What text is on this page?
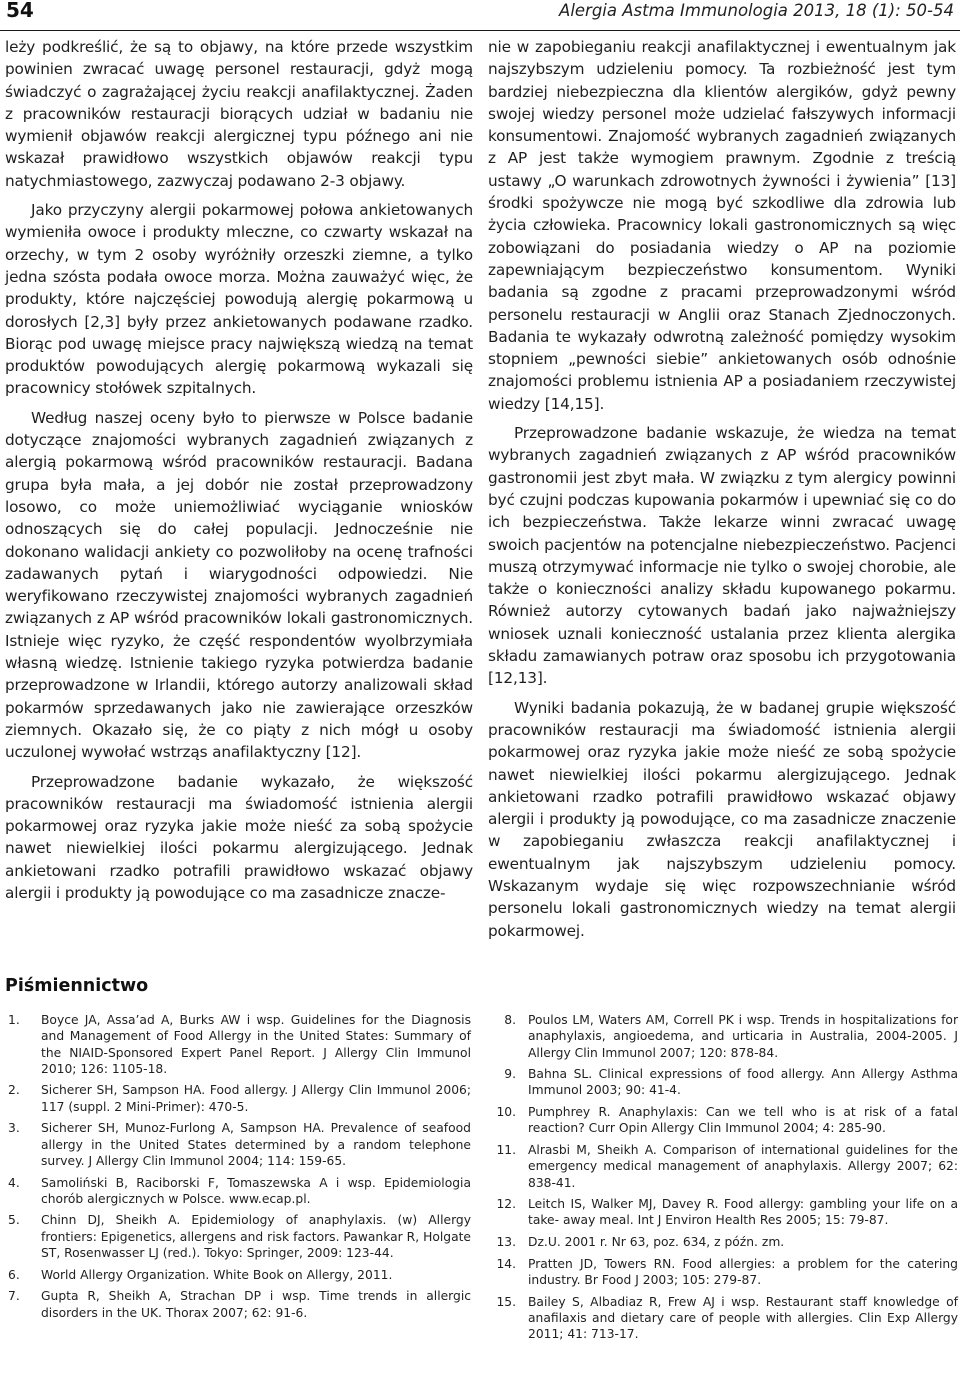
54	Alergia Astma Immunologia 2013, 18 (1): 50-54

leży podkreślić, że są to objawy, na które przede wszystkim powinien zwracać uwagę personel restauracji, gdyż mogą świadczyć o zagrażającej życiu reakcji anafilaktycznej. Żaden z pracowników restauracji biorących udział w badaniu nie wymienił objawów reakcji alergicznej typu późnego ani nie wskazał prawidłowo wszystkich objawów reakcji typu natychmiastowego, zazwyczaj podawano 2-3 objawy.

Jako przyczyny alergii pokarmowej połowa ankietowanych wymieniła owoce i produkty mleczne, co czwarty wskazał na orzechy, w tym 2 osoby wyróżniły orzeszki ziemne, a tylko jedna szósta podała owoce morza. Można zauważyć więc, że produkty, które najczęściej powodują alergię pokarmową u dorosłych [2,3] były przez ankietowanych podawane rzadko. Biorąc pod uwagę miejsce pracy największą wiedzą na temat produktów powodujących alergię pokarmową wykazali się pracownicy stołówek szpitalnych.

Według naszej oceny było to pierwsze w Polsce badanie dotyczące znajomości wybranych zagadnień związanych z alergią pokarmową wśród pracowników restauracji. Badana grupa była mała, a jej dobór nie został przeprowadzony losowo, co może uniemożliwiać wyciąganie wniosków odnoszących się do całej populacji. Jednocześnie nie dokonano walidacji ankiety co pozwoliłoby na ocenę trafności zadawanych pytań i wiarygodności odpowiedzi. Nie weryfikowano rzeczywistej znajomości wybranych zagadnień związanych z AP wśród pracowników lokali gastronomicznych. Istnieje więc ryzyko, że część respondentów wyolbrzymiała własną wiedzę. Istnienie takiego ryzyka potwierdza badanie przeprowadzone w Irlandii, którego autorzy analizowali skład pokarmów sprzedawanych jako nie zawierające orzeszków ziemnych. Okazało się, że co piąty z nich mógł u osoby uczulonej wywołać wstrząs anafilaktyczny [12].

Przeprowadzone badanie wykazało, że większość pracowników restauracji ma świadomość istnienia alergii pokarmowej oraz ryzyka jakie może nieść za sobą spożycie nawet niewielkiej ilości pokarmu alergizującego. Jednak ankietowani rzadko potrafili prawidłowo wskazać objawy alergii i produkty ją powodujące co ma zasadnicze znacze-

nie w zapobieganiu reakcji anafilaktycznej i ewentualnym jak najszybszym udzieleniu pomocy. Ta rozbieżność jest tym bardziej niebezpieczna dla klientów alergików, gdyż pewny swojej wiedzy personel może udzielać fałszywych informacji konsumentowi. Znajomość wybranych zagadnień związanych z AP jest także wymogiem prawnym. Zgodnie z treścią ustawy „O warunkach zdrowotnych żywności i żywienia” [13] środki spożywcze nie mogą być szkodliwe dla zdrowia lub życia człowieka. Pracownicy lokali gastronomicznych są więc zobowiązani do posiadania wiedzy o AP na poziomie zapewniającym bezpieczeństwo konsumentom. Wyniki badania są zgodne z pracami przeprowadzonymi wśród personelu restauracji w Anglii oraz Stanach Zjednoczonych. Badania te wykazały odwrotną zależność pomiędzy wysokim stopniem „pewności siebie” ankietowanych osób odnośnie znajomości problemu istnienia AP a posiadaniem rzeczywistej wiedzy [14,15].

Przeprowadzone badanie wskazuje, że wiedza na temat wybranych zagadnień związanych z AP wśród pracowników gastronomii jest zbyt mała. W związku z tym alergicy powinni być czujni podczas kupowania pokarmów i upewniać się co do ich bezpieczeństwa. Także lekarze winni zwracać uwagę swoich pacjentów na potencjalne niebezpieczeństwo. Pacjenci muszą otrzymywać informacje nie tylko o swojej chorobie, ale także o konieczności analizy składu kupowanego pokarmu. Również autorzy cytowanych badań jako najważniejszy wniosek uznali konieczność ustalania przez klienta alergika składu zamawianych potraw oraz sposobu ich przygotowania [12,13].

Wyniki badania pokazują, że w badanej grupie większość pracowników restauracji ma świadomość istnienia alergii pokarmowej oraz ryzyka jakie może nieść ze sobą spożycie nawet niewielkiej ilości pokarmu alergizującego. Jednak ankietowani rzadko potrafili prawidłowo wskazać objawy alergii i produkty ją powodujące, co ma zasadnicze znaczenie w zapobieganiu zwłaszcza reakcji anafilaktycznej i ewentualnym jak najszybszym udzieleniu pomocy. Wskazanym wydaje się więc rozpowszechnianie wśród personelu lokali gastronomicznych wiedzy na temat alergii pokarmowej.

Piśmiennictwo
1. Boyce JA, Assa’ad A, Burks AW i wsp. Guidelines for the Diagnosis and Management of Food Allergy in the United States: Summary of the NIAID-Sponsored Expert Panel Report. J Allergy Clin Immunol 2010; 126: 1105-18.
2. Sicherer SH, Sampson HA. Food allergy. J Allergy Clin Immunol 2006; 117 (suppl. 2 Mini-Primer): 470-5.
3. Sicherer SH, Munoz-Furlong A, Sampson HA. Prevalence of seafood allergy in the United States determined by a random telephone survey. J Allergy Clin Immunol 2004; 114: 159-65.
4. Samoliński B, Raciborski F, Tomaszewska A i wsp. Epidemiologia chorób alergicznych w Polsce. www.ecap.pl.
5. Chinn DJ, Sheikh A. Epidemiology of anaphylaxis. (w) Allergy frontiers: Epigenetics, allergens and risk factors. Pawankar R, Holgate ST, Rosenwasser LJ (red.). Tokyo: Springer, 2009: 123-44.
6. World Allergy Organization. White Book on Allergy, 2011.
7. Gupta R, Sheikh A, Strachan DP i wsp. Time trends in allergic disorders in the UK. Thorax 2007; 62: 91-6.
8. Poulos LM, Waters AM, Correll PK i wsp. Trends in hospitalizations for anaphylaxis, angioedema, and urticaria in Australia, 2004-2005. J Allergy Clin Immunol 2007; 120: 878-84.
9. Bahna SL. Clinical expressions of food allergy. Ann Allergy Asthma Immunol 2003; 90: 41-4.
10. Pumphrey R. Anaphylaxis: Can we tell who is at risk of a fatal reaction? Curr Opin Allergy Clin Immunol 2004; 4: 285-90.
11. Alrasbi M, Sheikh A. Comparison of international guidelines for the emergency medical management of anaphylaxis. Allergy 2007; 62: 838-41.
12. Leitch IS, Walker MJ, Davey R. Food allergy: gambling your life on a take- away meal. Int J Environ Health Res 2005; 15: 79-87.
13. Dz.U. 2001 r. Nr 63, poz. 634, z późn. zm.
14. Pratten JD, Towers RN. Food allergies: a problem for the catering industry. Br Food J 2003; 105: 279-87.
15. Bailey S, Albadiaz R, Frew AJ i wsp. Restaurant staff knowledge of anafilaxis and dietary care of people with allergies. Clin Exp Allergy 2011; 41: 713-17.
